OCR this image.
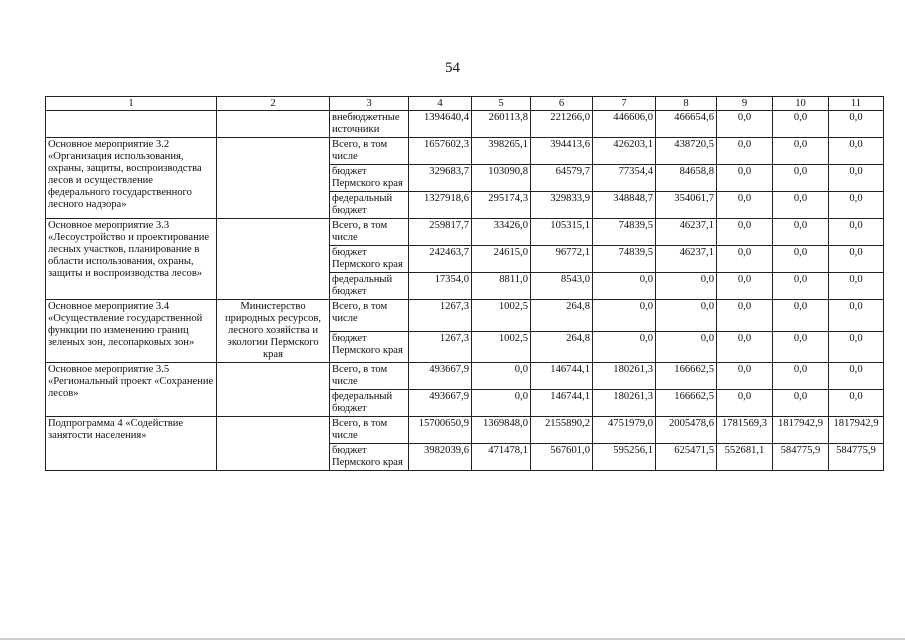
54
1	2	3	4	5	6	7	8	9	10	11
		внебюджетные источники	1394640,4	260113,8	221266,0	446606,0	466654,6	0,0	0,0	0,0
Основное мероприятие 3.2 «Организация использования, охраны, защиты, воспроизводства лесов и осуществление федерального государственного лесного надзора»		Всего, в том числе	1657602,3	398265,1	394413,6	426203,1	438720,5	0,0	0,0	0,0
		бюджет Пермского края	329683,7	103090,8	64579,7	77354,4	84658,8	0,0	0,0	0,0
		федеральный бюджет	1327918,6	295174,3	329833,9	348848,7	354061,7	0,0	0,0	0,0
Основное мероприятие 3.3 «Лесоустройство и проектирование лесных участков, планирование в области использования, охраны, защиты и воспроизводства лесов»		Всего, в том числе	259817,7	33426,0	105315,1	74839,5	46237,1	0,0	0,0	0,0
		бюджет Пермского края	242463,7	24615,0	96772,1	74839,5	46237,1	0,0	0,0	0,0
		федеральный бюджет	17354,0	8811,0	8543,0	0,0	0,0	0,0	0,0	0,0
Основное мероприятие 3.4 «Осуществление государственной функции по изменению границ зеленых зон, лесопарковых зон»	Министерство природных ресурсов, лесного хозяйства и экологии Пермского края	Всего, в том числе	1267,3	1002,5	264,8	0,0	0,0	0,0	0,0	0,0
		бюджет Пермского края	1267,3	1002,5	264,8	0,0	0,0	0,0	0,0	0,0
Основное мероприятие 3.5 «Региональный проект «Сохранение лесов»		Всего, в том числе	493667,9	0,0	146744,1	180261,3	166662,5	0,0	0,0	0,0
		федеральный бюджет	493667,9	0,0	146744,1	180261,3	166662,5	0,0	0,0	0,0
Подпрограмма 4 «Содействие занятости населения»		Всего, в том числе	15700650,9	1369848,0	2155890,2	4751979,0	2005478,6	1781569,3	1817942,9	1817942,9
		бюджет Пермского края	3982039,6	471478,1	567601,0	595256,1	625471,5	552681,1	584775,9	584775,9
